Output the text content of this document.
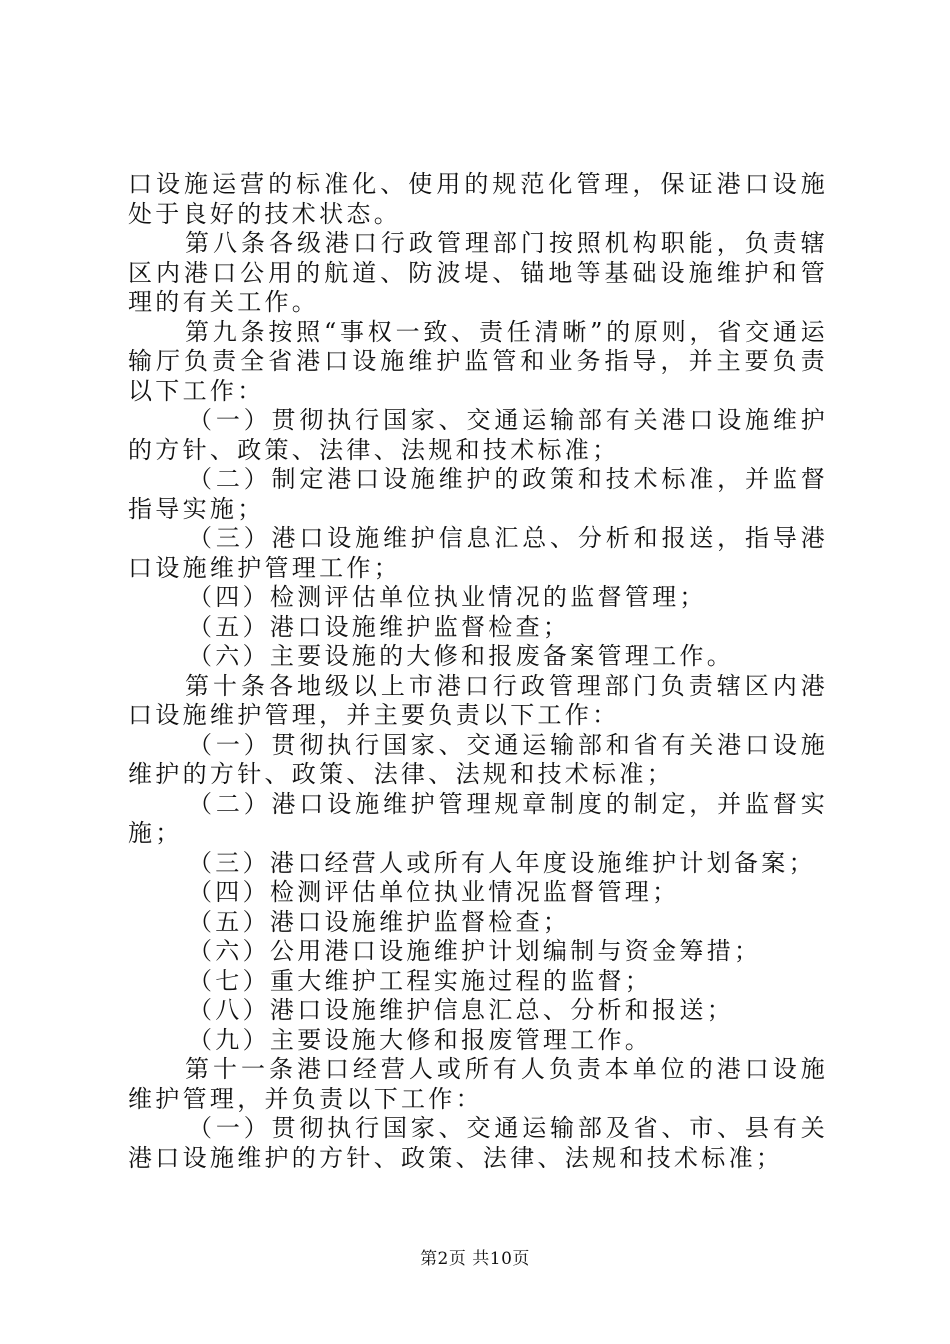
口设施运营的标准化、使用的规范化管理，保证港口设施处于良好的技术状态。

第八条各级港口行政管理部门按照机构职能，负责辖区内港口公用的航道、防波堤、锚地等基础设施维护和管理的有关工作。

第九条按照“事权一致、责任清晰”的原则，省交通运输厅负责全省港口设施维护监管和业务指导，并主要负责以下工作：

（一）贯彻执行国家、交通运输部有关港口设施维护的方针、政策、法律、法规和技术标准；

（二）制定港口设施维护的政策和技术标准，并监督指导实施；

（三）港口设施维护信息汇总、分析和报送，指导港口设施维护管理工作；

（四）检测评估单位执业情况的监督管理；

（五）港口设施维护监督检查；

（六）主要设施的大修和报废备案管理工作。

第十条各地级以上市港口行政管理部门负责辖区内港口设施维护管理，并主要负责以下工作：

（一）贯彻执行国家、交通运输部和省有关港口设施维护的方针、政策、法律、法规和技术标准；

（二）港口设施维护管理规章制度的制定，并监督实施；

（三）港口经营人或所有人年度设施维护计划备案；

（四）检测评估单位执业情况监督管理；

（五）港口设施维护监督检查；

（六）公用港口设施维护计划编制与资金筹措；

（七）重大维护工程实施过程的监督；

（八）港口设施维护信息汇总、分析和报送；

（九）主要设施大修和报废管理工作。

第十一条港口经营人或所有人负责本单位的港口设施维护管理，并负责以下工作：

（一）贯彻执行国家、交通运输部及省、市、县有关港口设施维护的方针、政策、法律、法规和技术标准；

第2页 共10页
